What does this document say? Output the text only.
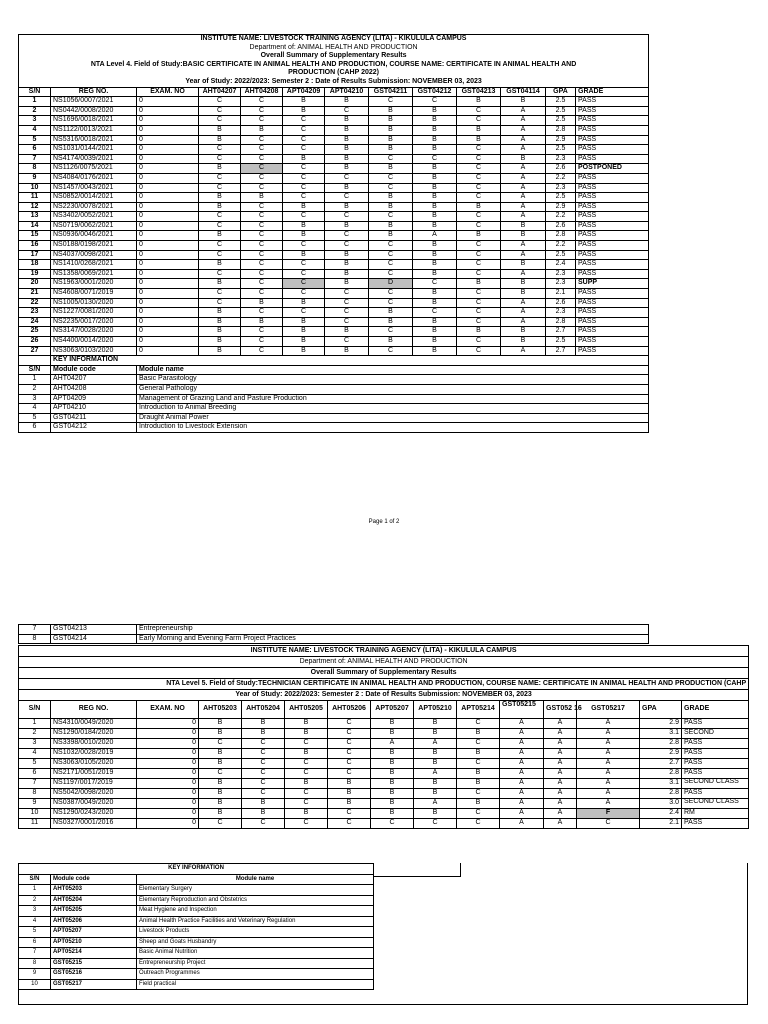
INSTITUTE NAME: LIVESTOCK TRAINING AGENCY (LITA) - KIKULULA CAMPUS												
Department of: ANIMAL HEALTH AND PRODUCTION												
Overall Summary of Supplementary Results												
NTA Level 4. Field of Study:BASIC CERTIFICATE IN ANIMAL HEALTH AND PRODUCTION, COURSE NAME: CERTIFICATE IN ANIMAL HEALTH AND												
PRODUCTION (CAHP 2022)												
Year of Study: 2022/2023: Semester 2 : Date of Results Submission: NOVEMBER 03, 2023												
S/N	REG NO.	EXAM. NO	AHT04207	AHT04208	APT04209	APT04210	GST04211	GST04212	GST04213	GST04114	GPA	GRADE
1	NS1056/0007/2021	0	C	C	B	B	C	C	B	B	2.5	PASS
2	NS0442/0008/2020	0	C	C	B	C	B	B	C	A	2.5	PASS
3	NS1696/0018/2021	0	C	C	C	B	B	B	C	A	2.5	PASS
4	NS1122/0013/2021	0	B	B	C	B	B	B	B	A	2.8	PASS
5	NS5316/0018/2021	0	B	C	C	B	B	B	B	A	2.9	PASS
6	NS1031/0144/2021	0	C	C	C	B	B	B	C	A	2.5	PASS
7	NS4174/0039/2021	0	C	C	B	B	C	C	C	B	2.3	PASS
8	NS1126/0075/2021	0	B	C	C	B	B	B	C	A	2.6	POSTPONED
9	NS4084/0176/2021	0	C	C	C	C	C	B	C	A	2.2	PASS
10	NS1457/0043/2021	0	C	C	C	B	C	B	C	A	2.3	PASS
11	NS0852/0014/2021	0	B	B	C	C	B	B	C	A	2.5	PASS
12	NS2230/0078/2021	0	B	C	B	B	B	B	B	A	2.9	PASS
13	NS3402/0052/2021	0	C	C	C	C	C	B	C	A	2.2	PASS
14	NS0719/0062/2021	0	C	C	B	B	B	B	C	B	2.6	PASS
15	NS0936/0046/2021	0	B	C	B	C	B	A	B	B	2.8	PASS
16	NS0188/0198/2021	0	C	C	C	C	C	B	C	A	2.2	PASS
17	NS4037/0098/2021	0	C	C	B	B	C	B	C	A	2.5	PASS
18	NS1410/0268/2021	0	B	C	C	B	C	B	C	B	2.4	PASS
19	NS1358/0069/2021	0	C	C	C	B	C	B	C	A	2.3	PASS
20	NS1963/0001/2020	0	B	C	C	B	D	C	B	B	2.3	SUPP
21	NS4608/0071/2019	0	C	C	C	C	C	B	C	B	2.1	PASS
22	NS1005/0130/2020	0	C	B	B	C	C	B	C	A	2.6	PASS
23	NS1227/0081/2020	0	B	C	C	C	B	C	C	A	2.3	PASS
24	NS2235/0017/2020	0	B	B	B	C	B	B	C	A	2.8	PASS
25	NS3147/0028/2020	0	B	C	B	B	C	B	B	B	2.7	PASS
26	NS4400/0014/2020	0	B	C	B	C	B	B	C	B	2.5	PASS
27	NS3063/0103/2020	0	B	C	B	B	C	B	C	A	2.7	PASS
	KEY INFORMATION											
S/N	Module code	Module name										
1	AHT04207	Basic Parasitology										
2	AHT04208	General Pathology										
3	APT04209	Management of Grazing Land and Pasture Production										
4	APT04210	Introduction to Animal Breeding										
5	GST04211	Draught Animal Power										
6	GST04212	Introduction to Livestock Extension										
Page 1 of 2
7	GST04213	Entrepreneurship
8	GST04214	Early Morning and Evening Farm Project Practices
INSTITUTE NAME: LIVESTOCK TRAINING AGENCY (LITA) - KIKULULA CAMPUS														
Department of: ANIMAL HEALTH AND PRODUCTION														
Overall Summary of Supplementary Results														
NTA Level 5. Field of Study:TECHNICIAN CERTIFICATE IN ANIMAL HEALTH AND PRODUCTION, COURSE NAME: CERTIFICATE IN ANIMAL HEALTH AND PRODUCTION (CAHP														
Year of Study: 2022/2023: Semester 2 : Date of Results Submission: NOVEMBER 03, 2023														
S/N	REG NO.	EXAM. NO	AHT05203	AHT05204	AHT05205	AHT05206	APT05207	APT05210	APT05214	GST05215	GST052 16	GST05217	GPA	GRADE
1	NS4310/0049/2020	0	B	B	B	C	B	B	C	A	A	A	2.9	PASS
2	NS1290/0184/2020	0	B	B	B	C	B	B	B	A	A	A	3.1	SECOND
3	NS3398/0010/2020	0	C	C	C	C	A	A	C	A	A	A	2.8	PASS
4	NS1032/0028/2019	0	B	C	B	C	B	B	B	A	A	A	2.9	PASS
5	NS3063/0105/2020	0	B	C	C	C	B	B	C	A	A	A	2.7	PASS
6	NS2171/0051/2019	0	C	C	C	C	B	A	B	A	A	A	2.8	PASS
7	NS1197/0017/2019	0	B	C	B	B	B	B	B	A	A	A	3.1	SECOND CLASS
8	NS5042/0098/2020	0	B	C	C	B	B	B	C	A	A	A	2.8	PASS
9	NS0387/0049/2020	0	B	B	C	B	B	A	B	A	A	A	3.0	SECOND CLASS
10	NS1290/0243/2020	0	B	B	B	C	B	B	C	A	A	F	2.4	RM
11	NS0327/0001/2016	0	C	C	C	C	C	C	C	A	A	C	2.1	PASS
KEY INFORMATION		
S/N	Module code	Module name
1	AHT05203	Elementary Surgery
2	AHT05204	Elementary Reproduction and Obstetrics
3	AHT05205	Meat Hygiene and Inspection
4	AHT05206	Animal Health Practice Facilities and Veterinary Regulation
5	APT05207	Livestock Products
6	APT05210	Sheep and Goats Husbandry
7	APT05214	Basic Animal Nutrition
8	GST05215	Entrepreneurship Project
9	GST05216	Outreach Programmes
10	GST05217	Field practical
